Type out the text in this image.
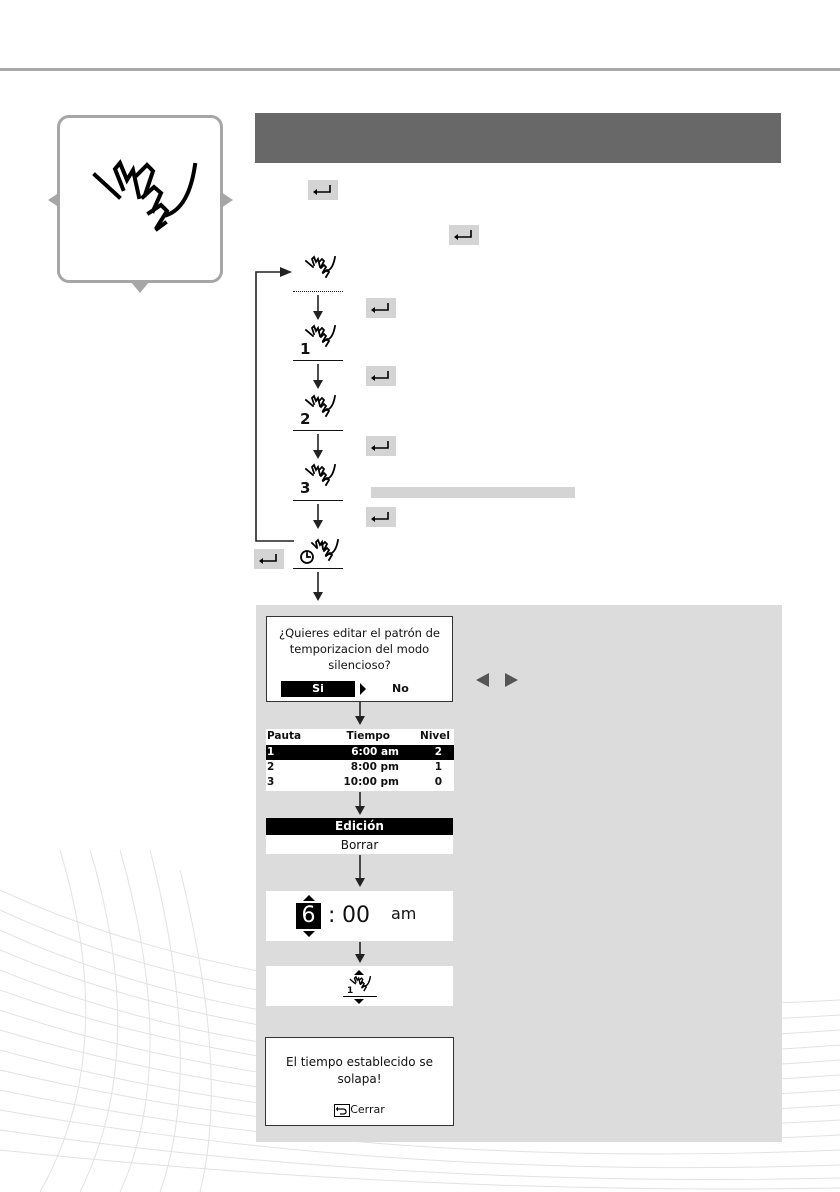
1
2
3
¿Quieres editar el patrón de
temporizacion del modo
silencioso?
Si	No
Pauta	Tiempo	Nivel
1	6:00 am	2
2	8:00 pm	1
3	10:00 pm	0
Edición
Borrar
6 : 00 am
1
El tiempo establecido se
solapa!
Cerrar
